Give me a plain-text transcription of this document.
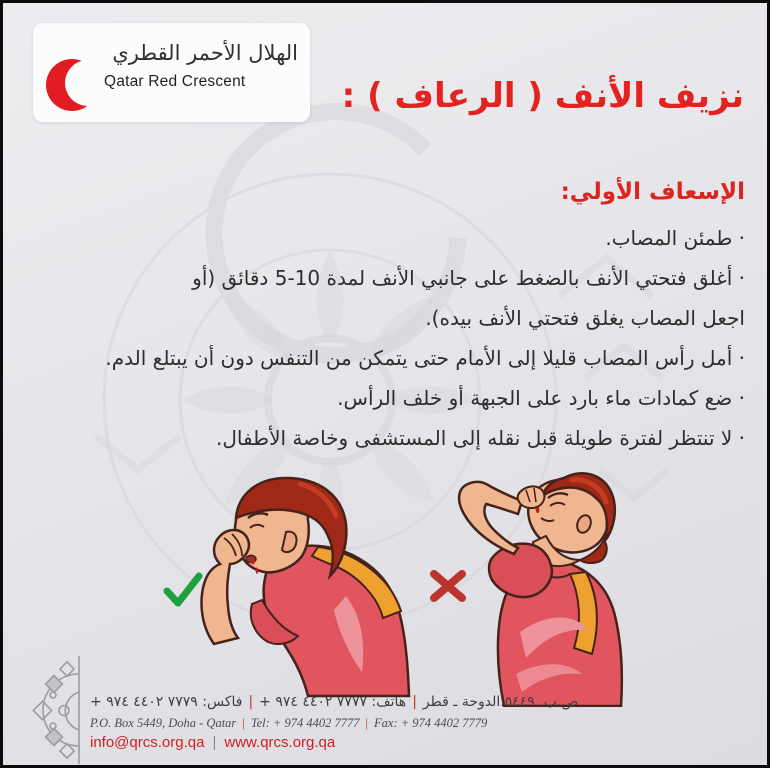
الهلال الأحمر القطري
Qatar Red Crescent	نزيف الأنف ( الرعاف ) :
الإسعاف الأولي:
· طمئن المصاب.
· أغلق فتحتي الأنف بالضغط على جانبي الأنف لمدة 10-5 دقائق (أو
اجعل المصاب يغلق فتحتي الأنف بيده).
· أمل رأس المصاب قليلا إلى الأمام حتى يتمكن من التنفس دون أن يبتلع الدم.
· ضع كمادات ماء بارد على الجبهة أو خلف الرأس.
· لا تنتظر لفترة طويلة قبل نقله إلى المستشفى وخاصة الأطفال.
ص.ب. ٥٤٤٩،الدوحة ـ قطر|هاتف: ٧٧٧٧ ٤٤٠٢ ٩٧٤ +|فاكس: ٧٧٧٩ ٤٤٠٢ ٩٧٤ +
P.O. Box 5449, Doha - Qatar | Tel: + 974 4402 7777 | Fax: + 974 4402 7779
info@qrcs.org.qa | www.qrcs.org.qa
